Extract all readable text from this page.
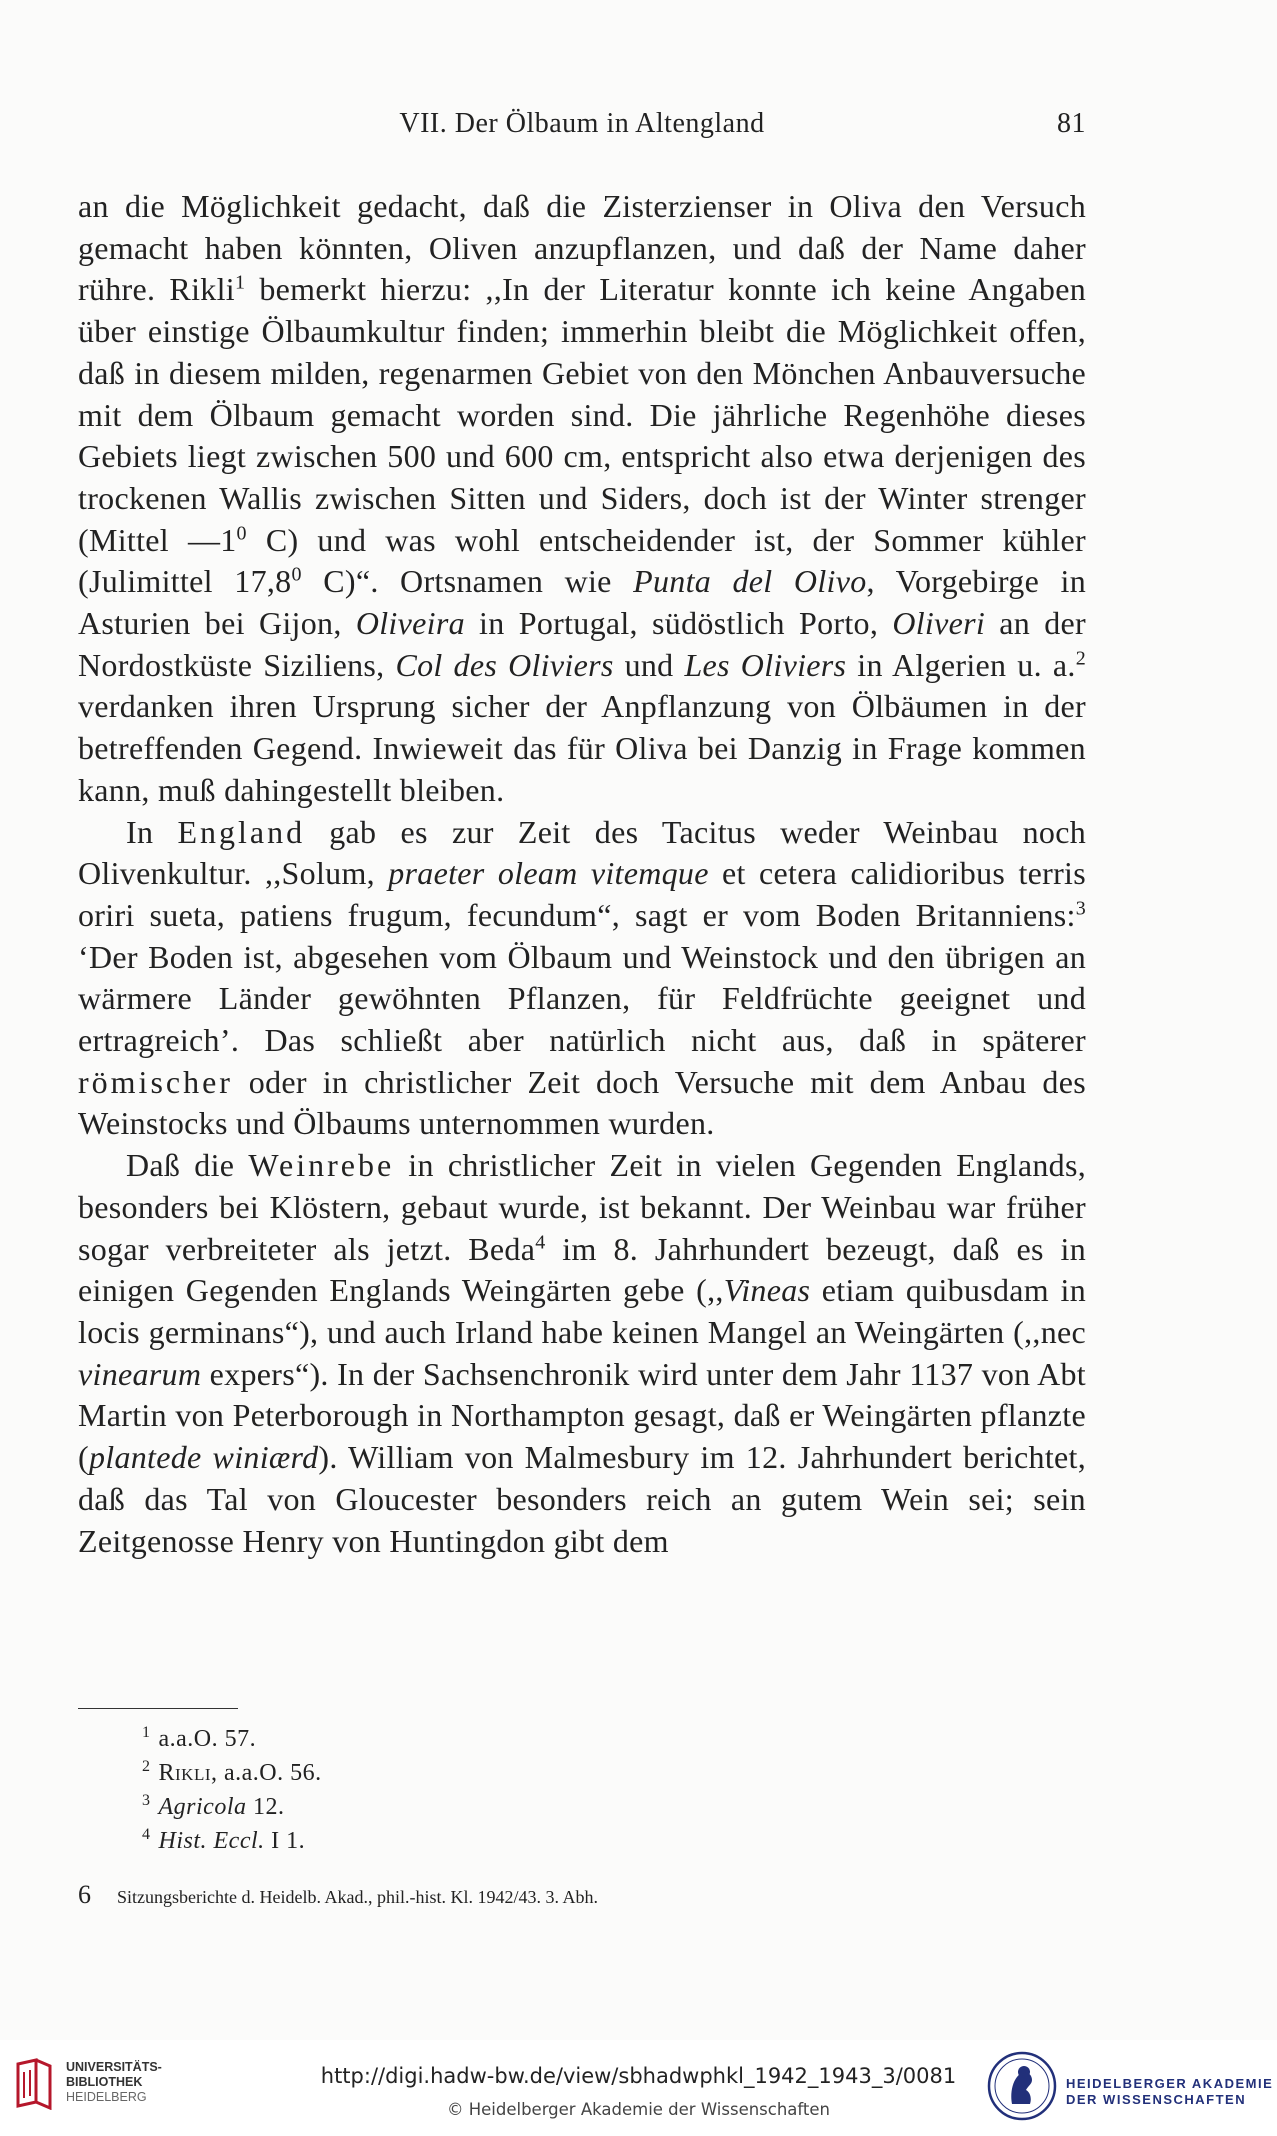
VII. Der Ölbaum in Altengland	81

an die Möglichkeit gedacht, daß die Zisterzienser in Oliva den Versuch gemacht haben könnten, Oliven anzupflanzen, und daß der Name daher rühre. Rikli$^1$ bemerkt hierzu: ,,In der Literatur konnte ich keine Angaben über einstige Ölbaumkultur finden; immerhin bleibt die Möglichkeit offen, daß in diesem milden, regenarmen Gebiet von den Mönchen Anbauversuche mit dem Ölbaum gemacht worden sind. Die jährliche Regenhöhe dieses Gebiets liegt zwischen 500 und 600 cm, entspricht also etwa derjenigen des trockenen Wallis zwischen Sitten und Siders, doch ist der Winter strenger (Mittel $—1^0$ C) und was wohl entscheidender ist, der Sommer kühler (Julimittel 17,8$^0$ C)“. Ortsnamen wie Punta del Olivo, Vorgebirge in Asturien bei Gijon, Oliveira in Portugal, südöstlich Porto, Oliveri an der Nordostküste Siziliens, Col des Oliviers und Les Oliviers in Algerien u. a.$^2$ verdanken ihren Ursprung sicher der Anpflanzung von Ölbäumen in der betreffenden Gegend. Inwieweit das für Oliva bei Danzig in Frage kommen kann, muß dahingestellt bleiben.

In England gab es zur Zeit des Tacitus weder Weinbau noch Olivenkultur. ,,Solum, praeter oleam vitemque et cetera calidioribus terris oriri sueta, patiens frugum, fecundum“, sagt er vom Boden Britanniens:$^3$ ‘Der Boden ist, abgesehen vom Ölbaum und Weinstock und den übrigen an wärmere Länder gewöhnten Pflanzen, für Feldfrüchte geeignet und ertragreich’. Das schließt aber natürlich nicht aus, daß in späterer römischer oder in christlicher Zeit doch Versuche mit dem Anbau des Weinstocks und Ölbaums unternommen wurden.

Daß die Weinrebe in christlicher Zeit in vielen Gegenden Englands, besonders bei Klöstern, gebaut wurde, ist bekannt. Der Weinbau war früher sogar verbreiteter als jetzt. Beda$^4$ im 8. Jahrhundert bezeugt, daß es in einigen Gegenden Englands Weingärten gebe (,,Vineas etiam quibusdam in locis germinans“), und auch Irland habe keinen Mangel an Weingärten (,,nec vinearum expers“). In der Sachsenchronik wird unter dem Jahr 1137 von Abt Martin von Peterborough in Northampton gesagt, daß er Weingärten pflanzte (plantede winiærd). William von Malmesbury im 12. Jahrhundert berichtet, daß das Tal von Gloucester besonders reich an gutem Wein sei; sein Zeitgenosse Henry von Huntingdon gibt dem

$^1$ a.a.O. 57.
$^2$ Rikli, a.a.O. 56.
$^3$ Agricola 12.
$^4$ Hist. Eccl. I 1.
6 Sitzungsberichte d. Heidelb. Akad., phil.-hist. Kl. 1942/43. 3. Abh.
UNIVERSITÄTS-
BIBLIOTHEK
HEIDELBERG
http://digi.hadw-bw.de/view/sbhadwphkl_1942_1943_3/0081
© Heidelberger Akademie der Wissenschaften
HEIDELBERGER AKADEMIE
DER WISSENSCHAFTEN
